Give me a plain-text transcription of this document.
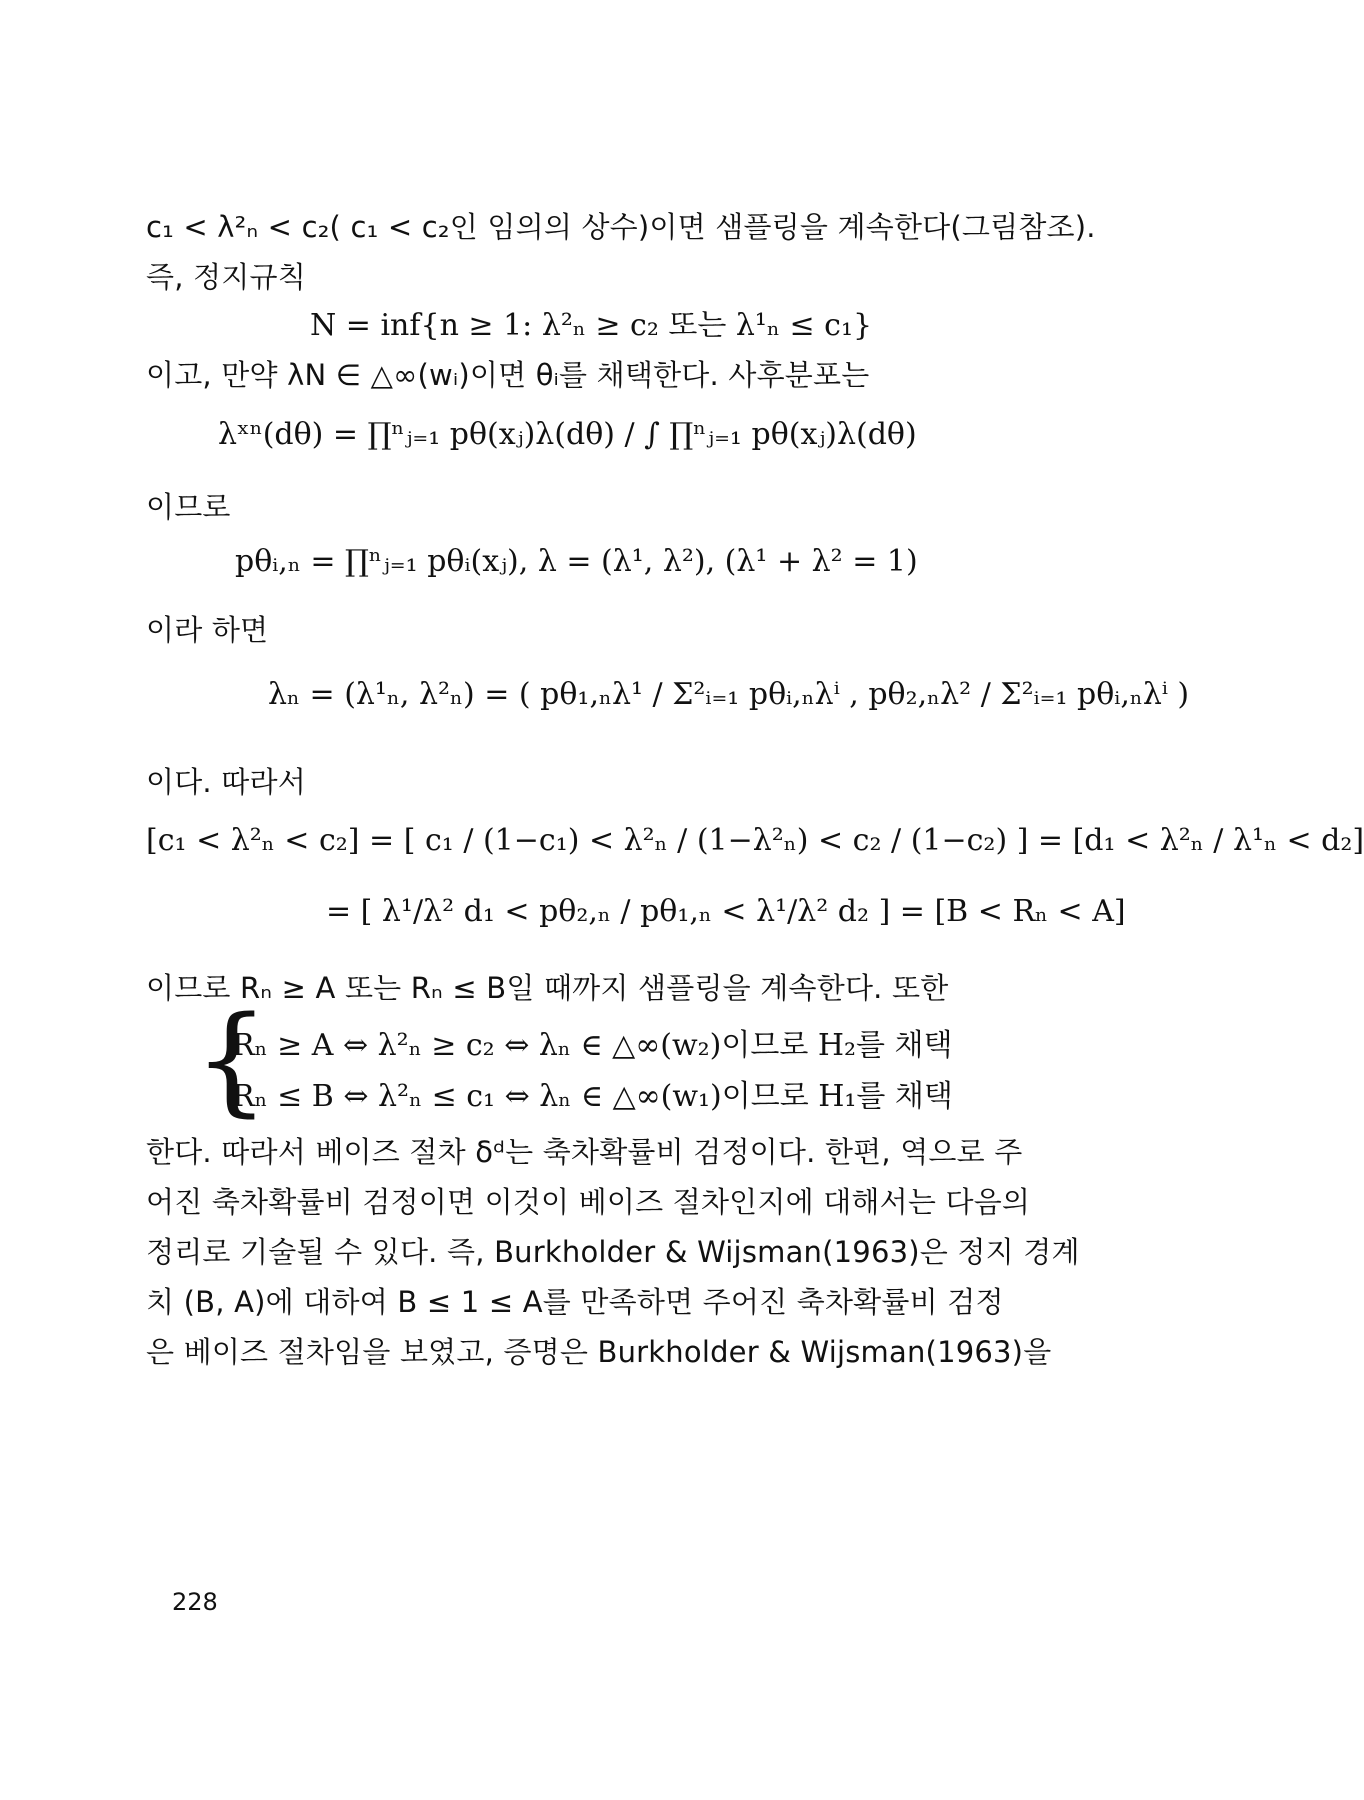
c₁ < λ²ₙ < c₂( c₁ < c₂인 임의의 상수)이면 샘플링을 계속한다(그림참조).
즉, 정지규칙
N = inf{n ≥ 1: λ²ₙ ≥ c₂ 또는 λ¹ₙ ≤ c₁}
이고, 만약 λN ∈ △∞(wᵢ)이면 θᵢ를 채택한다. 사후분포는
λˣⁿ(dθ) = ∏ⁿⱼ₌₁ pθ(xⱼ)λ(dθ) / ∫ ∏ⁿⱼ₌₁ pθ(xⱼ)λ(dθ)
이므로
pθᵢ,ₙ = ∏ⁿⱼ₌₁ pθᵢ(xⱼ), λ = (λ¹, λ²), (λ¹ + λ² = 1)
이라 하면
λₙ = (λ¹ₙ, λ²ₙ) = ( pθ₁,ₙλ¹ / Σ²ᵢ₌₁ pθᵢ,ₙλⁱ , pθ₂,ₙλ² / Σ²ᵢ₌₁ pθᵢ,ₙλⁱ )
이다. 따라서
[c₁ < λ²ₙ < c₂] = [ c₁ / (1−c₁) < λ²ₙ / (1−λ²ₙ) < c₂ / (1−c₂) ] = [d₁ < λ²ₙ / λ¹ₙ < d₂]
= [ λ¹/λ² d₁ < pθ₂,ₙ / pθ₁,ₙ < λ¹/λ² d₂ ] = [B < Rₙ < A]
이므로 Rₙ ≥ A 또는 Rₙ ≤ B일 때까지 샘플링을 계속한다. 또한
{
Rₙ ≥ A ⇔ λ²ₙ ≥ c₂ ⇔ λₙ ∈ △∞(w₂)이므로 H₂를 채택
Rₙ ≤ B ⇔ λ²ₙ ≤ c₁ ⇔ λₙ ∈ △∞(w₁)이므로 H₁를 채택
한다. 따라서 베이즈 절차 δᵈ는 축차확률비 검정이다. 한편, 역으로 주
어진 축차확률비 검정이면 이것이 베이즈 절차인지에 대해서는 다음의
정리로 기술될 수 있다. 즉, Burkholder & Wijsman(1963)은 정지 경계
치 (B, A)에 대하여 B ≤ 1 ≤ A를 만족하면 주어진 축차확률비 검정
은 베이즈 절차임을 보였고, 증명은 Burkholder & Wijsman(1963)을
228
